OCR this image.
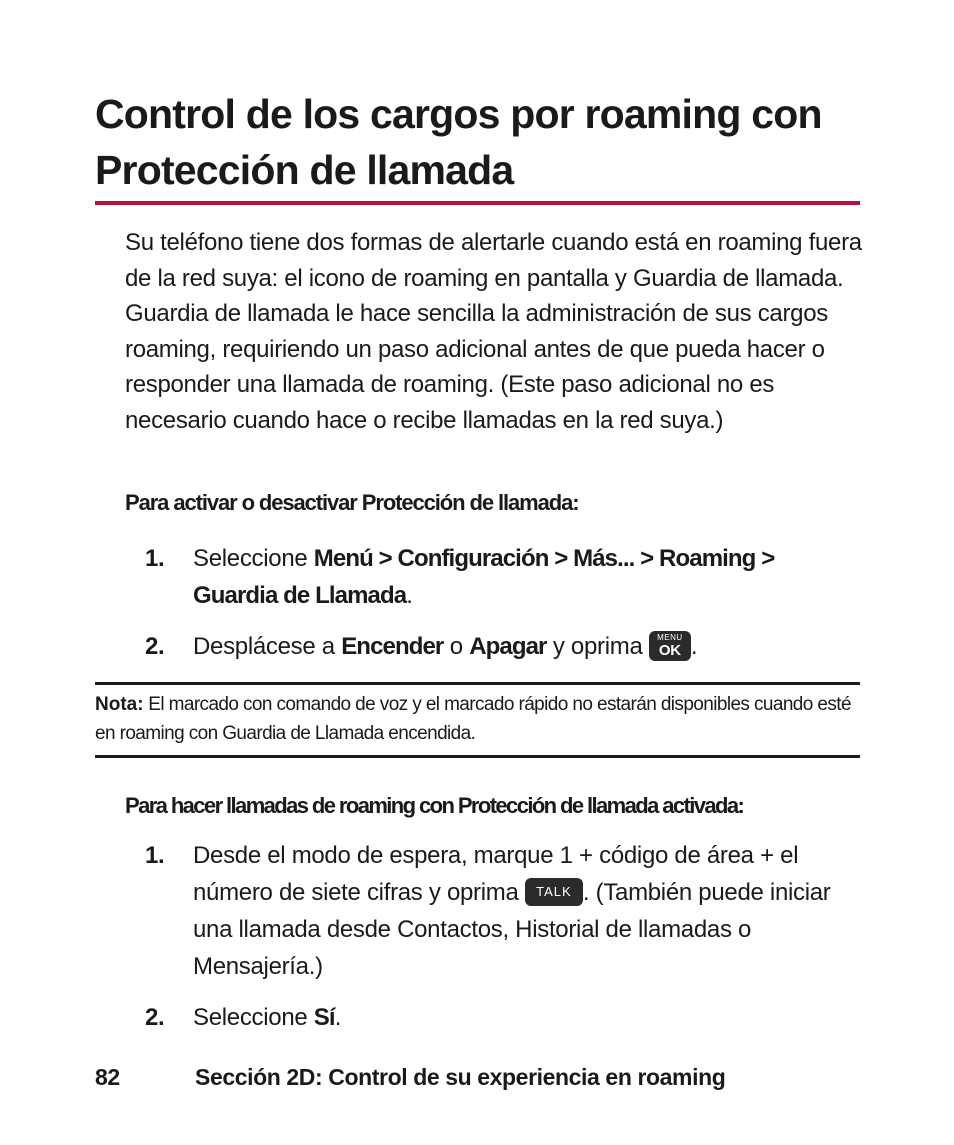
Control de los cargos por roaming con Protección de llamada

Su teléfono tiene dos formas de alertarle cuando está en roaming fuera de la red suya: el icono de roaming en pantalla y Guardia de llamada. Guardia de llamada le hace sencilla la administración de sus cargos roaming, requiriendo un paso adicional antes de que pueda hacer o responder una llamada de roaming. (Este paso adicional no es necesario cuando hace o recibe llamadas en la red suya.)

Para activar o desactivar Protección de llamada:

1.	Seleccione Menú > Configuración > Más... > Roaming > Guardia de Llamada.
2.	Desplácese a Encender o Apagar y oprima	MENU
OK .

Nota: El marcado con comando de voz y el marcado rápido no estarán disponibles cuando esté en roaming con Guardia de Llamada encendida.

Para hacer llamadas de roaming con Protección de llamada activada:

1.	Desde el modo de espera, marque 1 + código de área + el número de siete cifras y oprima TALK . (También puede iniciar una llamada desde Contactos, Historial de llamadas o Mensajería.)
2.	Seleccione Sí.
82	Sección 2D: Control de su experiencia en roaming
